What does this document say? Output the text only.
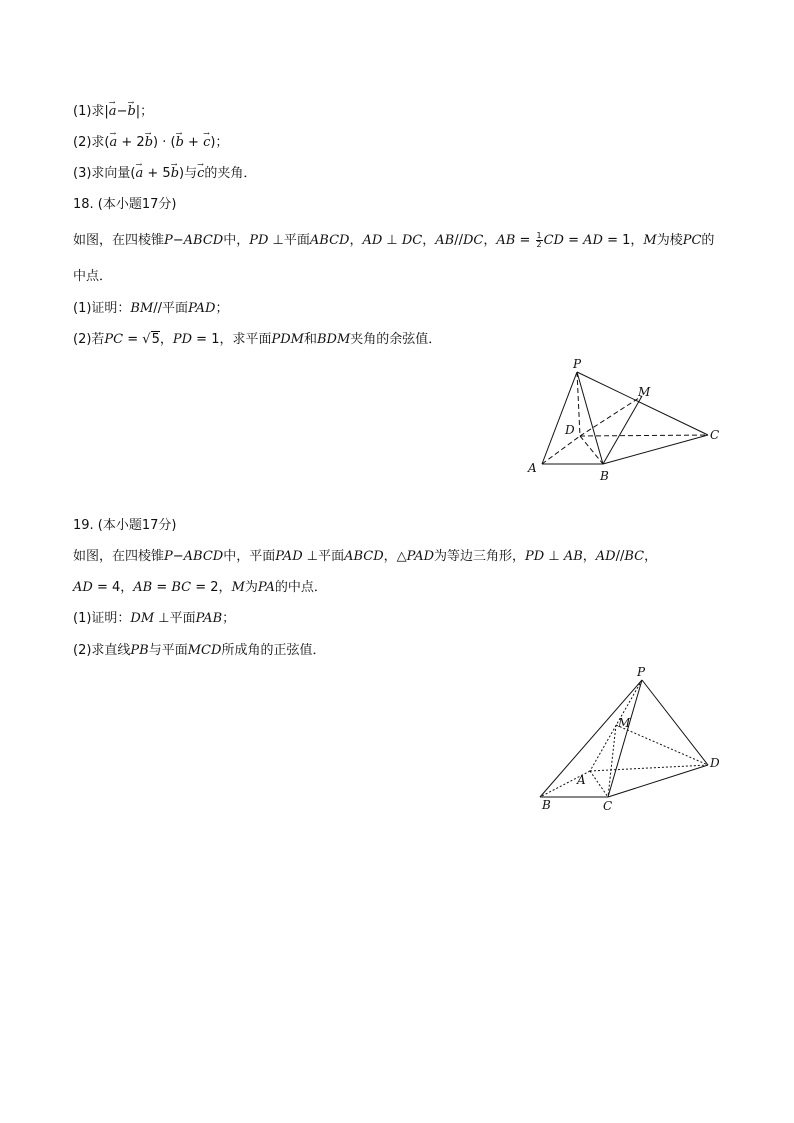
(1)求|→ a−→ b|；
(2)求(→ a + 2→ b) · (→ b + → c)；
(3)求向量(→ a + 5→ b)与→ c的夹角．
18. (本小题17分)
如图，在四棱锥P−ABCD中，PD ⊥平面ABCD，AD ⊥ DC，AB//DC，AB = $\frac{1}{2}$ CD = AD = 1，M为棱PC的
中点．
(1)证明：BM//平面PAD；
(2)若PC = √5，PD = 1，求平面PDM和BDM夹角的余弦值．
P
M
D	C
A
B
19. (本小题17分)
如图，在四棱锥P−ABCD中，平面PAD ⊥平面ABCD，△PAD为等边三角形，PD ⊥ AB，AD//BC，
AD = 4，AB = BC = 2，M为PA的中点．
(1)证明：DM ⊥平面PAB；
(2)求直线PB与平面MCD所成角的正弦值．
P
M
A
D
B	C
